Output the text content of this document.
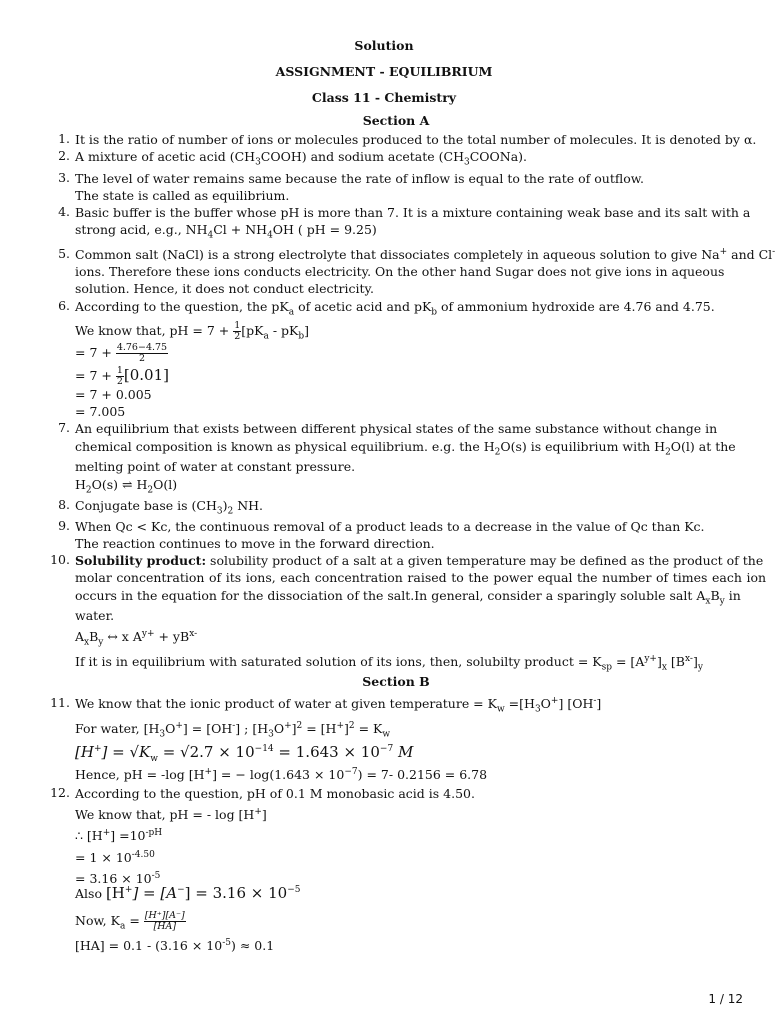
Solution
ASSIGNMENT - EQUILIBRIUM
Class 11 - Chemistry
Section A
1. It is the ratio of number of ions or molecules produced to the total number of molecules. It is denoted by α.
2. A mixture of acetic acid $(CH_3COOH)$ and sodium acetate $(CH_3COONa)$.
3. The level of water remains same because the rate of inflow is equal to the rate of outflow.
The state is called as equilibrium.
4. Basic buffer is the buffer whose pH is more than 7. It is a mixture containing weak base and its salt with a
strong acid, e.g., $NH_4Cl + NH_4OH$ ( pH = 9.25)
5. Common salt (NaCl) is a strong electrolyte that dissociates completely in aqueous solution to give Na+ and Cl-
ions. Therefore these ions conducts electricity. On the other hand Sugar does not give ions in aqueous
solution. Hence, it does not conduct electricity.
6. According to the question, the $pK_a$ of acetic acid and $pK_b$ of ammonium hydroxide are 4.76 and 4.75.
We know that, pH = $7 + \frac{1}{2} [pK_a - pK_b]$
= $7 + \frac{4.76-4.75}{2}$
= $7 + \frac{1}{2} [0.01]$
= 7 + 0.005
= 7.005
7. An equilibrium that exists between different physical states of the same substance without change in
chemical composition is known as physical equilibrium. e.g. the $H_2O(s)$ is equilibrium with $H_2O(l)$ at the
melting point of water at constant pressure.
$H_2O(s)$ ⇌ $H_2O(l)$
8. Conjugate base is $(CH_3)_2$ NH.
9. When Qc < Kc, the continuous removal of a product leads to a decrease in the value of Qc than Kc.
The reaction continues to move in the forward direction.
10. Solubility product: solubility product of a salt at a given temperature may be defined as the product of the
molar concentration of its ions, each concentration raised to the power equal the number of times each ion
occurs in the equation for the dissociation of the salt.In general, consider a sparingly soluble salt $A_xB_y$ in
water.
$A_xB_y$ ↔ x $A^{y+} + yB^{x-}$
If it is in equilibrium with saturated solution of its ions, then, solubilty product = $K_{sp} = [A^{y+}]_x$ $[B^{x-}]_y$
Section B
11. We know that the ionic product of water at given temperature = $K_w =[H_3O^+]$ [OH-]
For water, $[H_3O^+] = [OH^-]$ ; $[H_3O^+]^2 = [H^+]^2 = K_w$
$[H^+] = √K_w = √2.7 \times 10^{-14} = 1.643 \times 10^{-7}$ M
Hence, pH = -log [H+] = − $\log(1.643 \times 10^{-7}) = 7-$ 0.2156 = 6.78
12. According to the question, pH of 0.1 M monobasic acid is 4.50.
We know that, pH = - log [H+]
∴ $[H^+] =10^{-pH}$
= $1 \times 10^{-4.50}$
= $3.16 \times 10^{-5}$
Also $[H^+] = [A^-] = 3.16 \times 10^{-5}$
Now, $K_a = \frac{[H^+][A^-]}{[HA]}$
$[HA] = 0.1 - (3.16 \times 10^{-5}) \approx 0.1$
1 / 12
